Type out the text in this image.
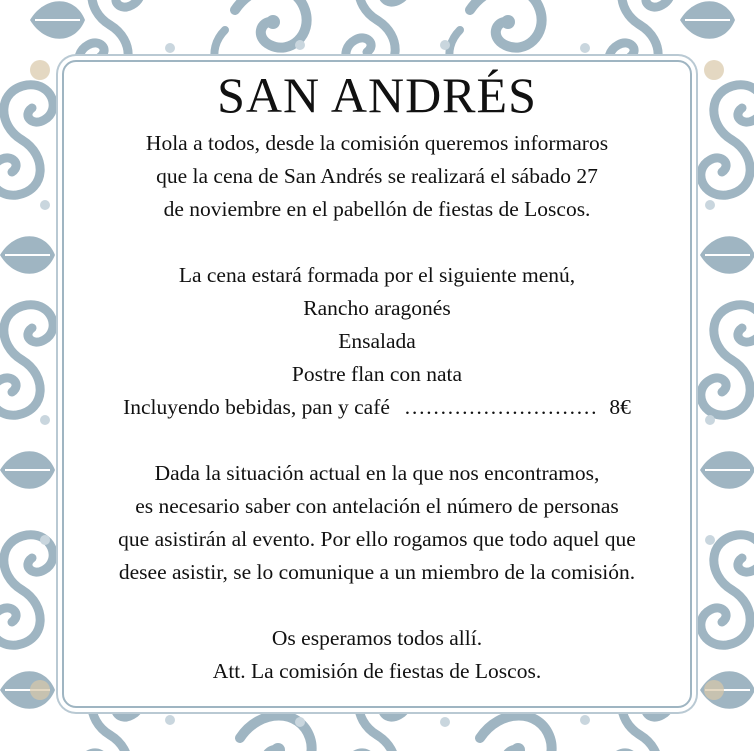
SAN ANDRÉS
Hola a todos, desde la comisión queremos informaros
que la cena de San Andrés se realizará el sábado 27
de noviembre en el pabellón de fiestas de Loscos.
La cena estará formada por el siguiente menú,
Rancho aragonés
Ensalada
Postre flan con nata
Incluyendo bebidas, pan y café ……………………… 8€
Dada la situación actual en la que nos encontramos,
es necesario saber con antelación el número de personas
que asistirán al evento. Por ello rogamos que todo aquel que
desee asistir, se lo comunique a un miembro de la comisión.
Os esperamos todos allí.
Att. La comisión de fiestas de Loscos.
